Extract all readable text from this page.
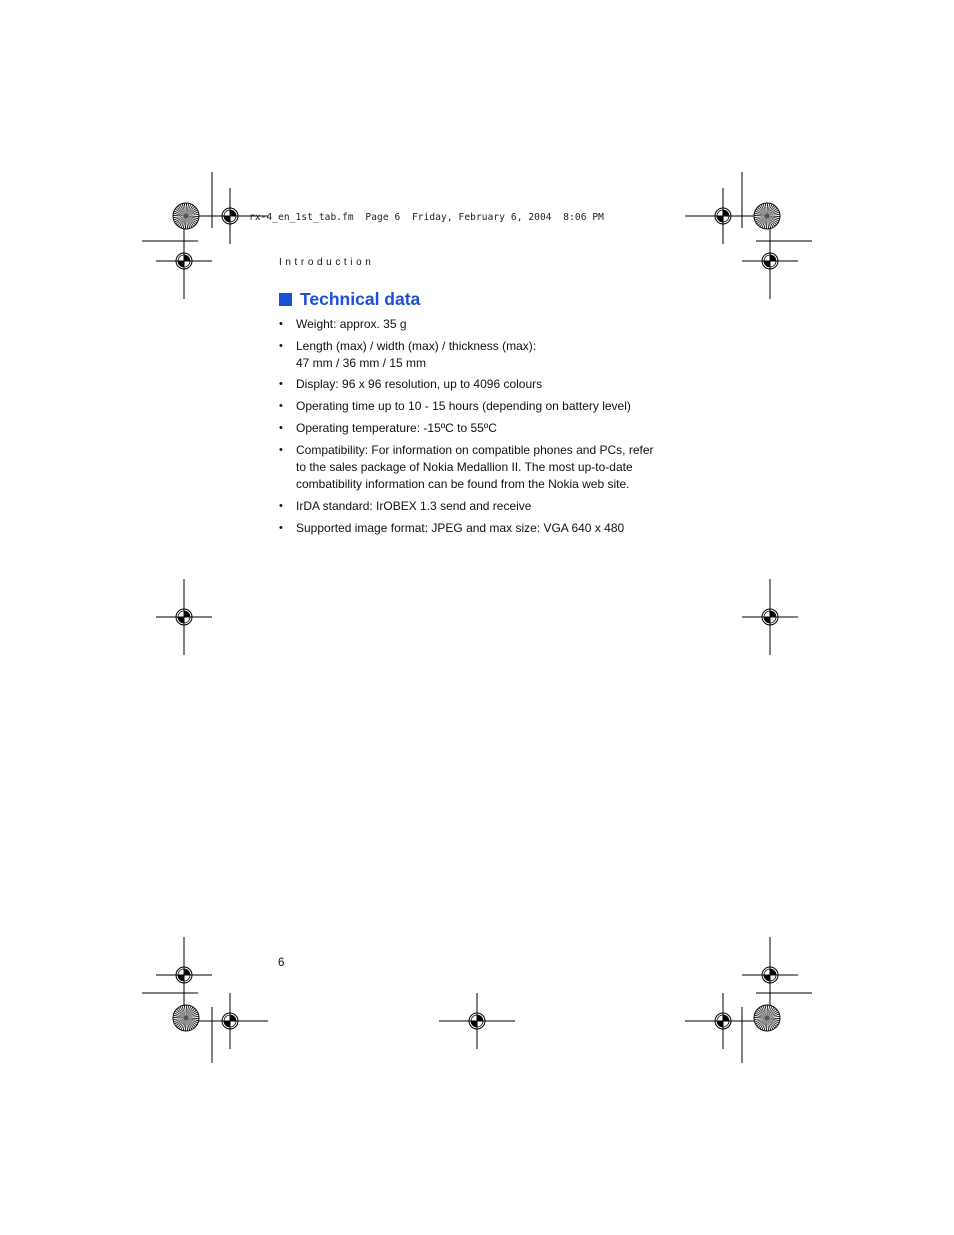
rx-4_en_1st_tab.fm  Page 6  Friday, February 6, 2004  8:06 PM
Introduction
Technical data
• Weight: approx. 35 g
• Length (max) / width (max) / thickness (max):
47 mm / 36 mm / 15 mm
• Display: 96 x 96 resolution, up to 4096 colours
• Operating time up to 10 - 15 hours (depending on battery level)
• Operating temperature: -15ºC to 55ºC
• Compatibility: For information on compatible phones and PCs, refer
to the sales package of Nokia Medallion II. The most up-to-date
combatibility information can be found from the Nokia web site.
• IrDA standard: IrOBEX 1.3 send and receive
• Supported image format: JPEG and max size: VGA 640 x 480
6
